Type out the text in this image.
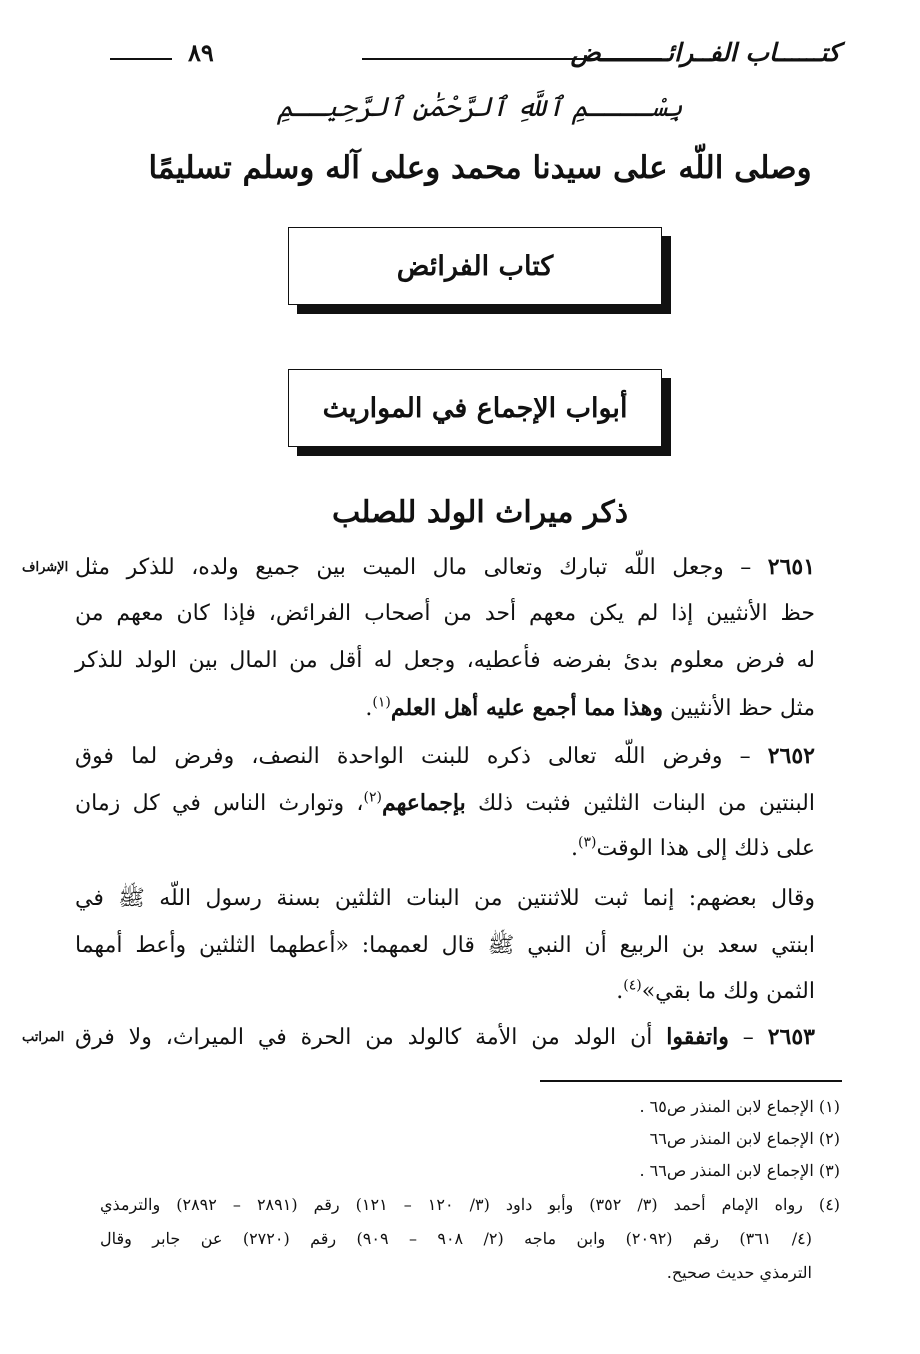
كتــــــاب الفــرائـــــــــض
٨٩
بِسْــــمِ ٱللَّهِ ٱلرَّحْمَٰنِ ٱلرَّحِيــمِ
وصلى اللّه على سيدنا محمد وعلى آله وسلم تسليمًا
كتاب الفرائض
أبواب الإجماع في المواريث
ذكر ميراث الولد للصلب
الإشراف	٢٦٥١ – وجعل اللّه تبارك وتعالى مال الميت بين جميع ولده، للذكر مثل
حظ الأنثيين إذا لم يكن معهم أحد من أصحاب الفرائض، فإذا كان معهم من
له فرض معلوم بدئ بفرضه فأعطيه، وجعل له أقل من المال بين الولد للذكر
مثل حظ الأنثيين وهذا مما أجمع عليه أهل العلم$^{(١)}$.
٢٦٥٢ – وفرض اللّه تعالى ذكره للبنت الواحدة النصف، وفرض لما فوق
البنتين من البنات الثلثين فثبت ذلك بإجماعهم$^{(٢)}$، وتوارث الناس في كل زمان
على ذلك إلى هذا الوقت$^{(٣)}$.
وقال بعضهم: إنما ثبت للاثنتين من البنات الثلثين بسنة رسول اللّه ﷺ في
ابنتي سعد بن الربيع أن النبي ﷺ قال لعمهما: «أعطهما الثلثين وأعط أمهما
الثمن ولك ما بقي»$^{(٤)}$.
المراتب	٢٦٥٣ – واتفقوا أن الولد من الأمة كالولد من الحرة في الميراث، ولا فرق
(١) الإجماع لابن المنذر ص٦٥ .
(٢) الإجماع لابن المنذر ص٦٦
(٣) الإجماع لابن المنذر ص٦٦ .
(٤) رواه الإمام أحمد (٣/ ٣٥٢) وأبو داود (٣/ ١٢٠ – ١٢١) رقم (٢٨٩١ – ٢٨٩٢) والترمذي
(٤/ ٣٦١) رقم (٢٠٩٢) وابن ماجه (٢/ ٩٠٨ – ٩٠٩) رقم (٢٧٢٠) عن جابر وقال
الترمذي حديث صحيح.
